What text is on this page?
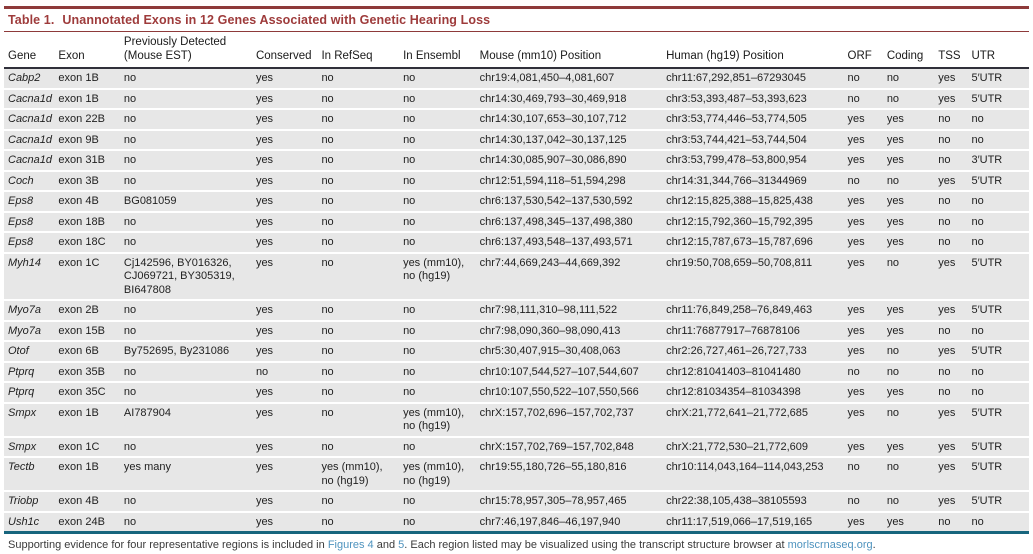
Table 1. Unannotated Exons in 12 Genes Associated with Genetic Hearing Loss
Gene	Exon	Previously Detected (Mouse EST)	Conserved	In RefSeq	In Ensembl	Mouse (mm10) Position	Human (hg19) Position	ORF	Coding	TSS	UTR
Cabp2	exon 1B	no	yes	no	no	chr19:4,081,450–4,081,607	chr11:67,292,851–67293045	no	no	yes	5′UTR
Cacna1d	exon 1B	no	yes	no	no	chr14:30,469,793–30,469,918	chr3:53,393,487–53,393,623	no	no	yes	5′UTR
Cacna1d	exon 22B	no	yes	no	no	chr14:30,107,653–30,107,712	chr3:53,774,446–53,774,505	yes	yes	no	no
Cacna1d	exon 9B	no	yes	no	no	chr14:30,137,042–30,137,125	chr3:53,744,421–53,744,504	yes	yes	no	no
Cacna1d	exon 31B	no	yes	no	no	chr14:30,085,907–30,086,890	chr3:53,799,478–53,800,954	yes	yes	no	3′UTR
Coch	exon 3B	no	yes	no	no	chr12:51,594,118–51,594,298	chr14:31,344,766–31344969	no	no	yes	5′UTR
Eps8	exon 4B	BG081059	yes	no	no	chr6:137,530,542–137,530,592	chr12:15,825,388–15,825,438	yes	yes	no	no
Eps8	exon 18B	no	yes	no	no	chr6:137,498,345–137,498,380	chr12:15,792,360–15,792,395	yes	yes	no	no
Eps8	exon 18C	no	yes	no	no	chr6:137,493,548–137,493,571	chr12:15,787,673–15,787,696	yes	yes	no	no
Myh14	exon 1C	Cj142596, BY016326, CJ069721, BY305319, BI647808	yes	no	yes (mm10), no (hg19)	chr7:44,669,243–44,669,392	chr19:50,708,659–50,708,811	yes	no	yes	5′UTR
Myo7a	exon 2B	no	yes	no	no	chr7:98,111,310–98,111,522	chr11:76,849,258–76,849,463	yes	yes	yes	5′UTR
Myo7a	exon 15B	no	yes	no	no	chr7:98,090,360–98,090,413	chr11:76877917–76878106	yes	yes	no	no
Otof	exon 6B	By752695, By231086	yes	no	no	chr5:30,407,915–30,408,063	chr2:26,727,461–26,727,733	yes	no	yes	5′UTR
Ptprq	exon 35B	no	no	no	no	chr10:107,544,527–107,544,607	chr12:81041403–81041480	no	no	no	no
Ptprq	exon 35C	no	yes	no	no	chr10:107,550,522–107,550,566	chr12:81034354–81034398	yes	yes	no	no
Smpx	exon 1B	AI787904	yes	no	yes (mm10), no (hg19)	chrX:157,702,696–157,702,737	chrX:21,772,641–21,772,685	yes	no	yes	5′UTR
Smpx	exon 1C	no	yes	no	no	chrX:157,702,769–157,702,848	chrX:21,772,530–21,772,609	yes	yes	yes	5′UTR
Tectb	exon 1B	yes many	yes	yes (mm10), no (hg19)	yes (mm10), no (hg19)	chr19:55,180,726–55,180,816	chr10:114,043,164–114,043,253	no	no	yes	5′UTR
Triobp	exon 4B	no	yes	no	no	chr15:78,957,305–78,957,465	chr22:38,105,438–38105593	no	no	yes	5′UTR
Ush1c	exon 24B	no	yes	no	no	chr7:46,197,846–46,197,940	chr11:17,519,066–17,519,165	yes	yes	no	no
Supporting evidence for four representative regions is included in Figures 4 and 5. Each region listed may be visualized using the transcript structure browser at morlscrnaseq.org.
